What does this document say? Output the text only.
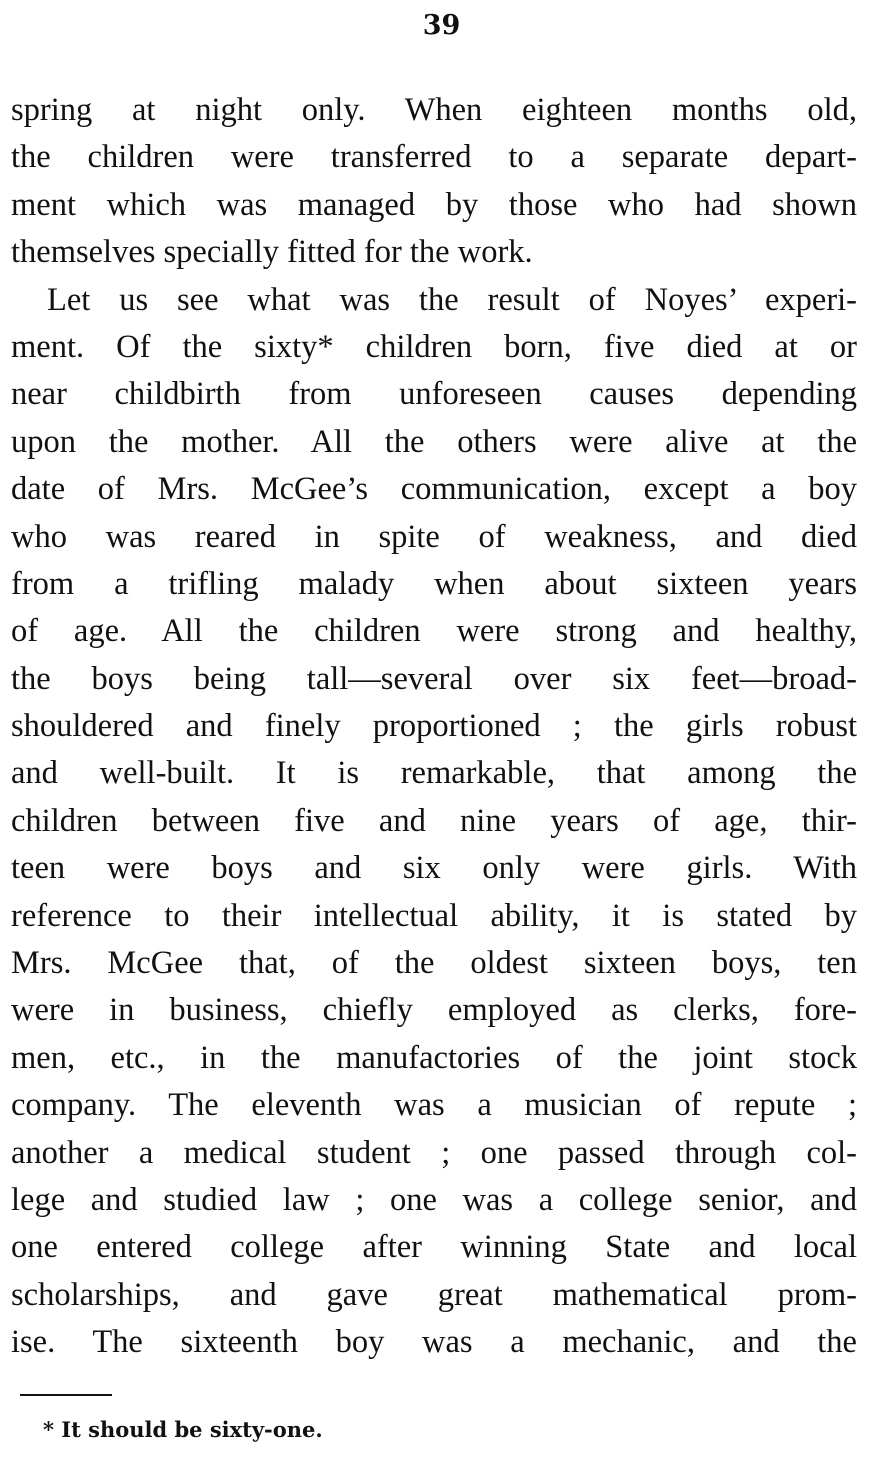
39
spring at night only. When eighteen months old,
the children were transferred to a separate depart-
ment which was managed by those who had shown
themselves specially fitted for the work.
Let us see what was the result of Noyes’ experi-
ment. Of the sixty* children born, five died at or
near childbirth from unforeseen causes depending
upon the mother. All the others were alive at the
date of Mrs. McGee’s communication, except a boy
who was reared in spite of weakness, and died
from a trifling malady when about sixteen years
of age. All the children were strong and healthy,
the boys being tall—several over six feet—broad-
shouldered and finely proportioned ; the girls robust
and well-built. It is remarkable, that among the
children between five and nine years of age, thir-
teen were boys and six only were girls. With
reference to their intellectual ability, it is stated by
Mrs. McGee that, of the oldest sixteen boys, ten
were in business, chiefly employed as clerks, fore-
men, etc., in the manufactories of the joint stock
company. The eleventh was a musician of repute ;
another a medical student ; one passed through col-
lege and studied law ; one was a college senior, and
one entered college after winning State and local
scholarships, and gave great mathematical prom-
ise. The sixteenth boy was a mechanic, and the
* It should be sixty-one.
